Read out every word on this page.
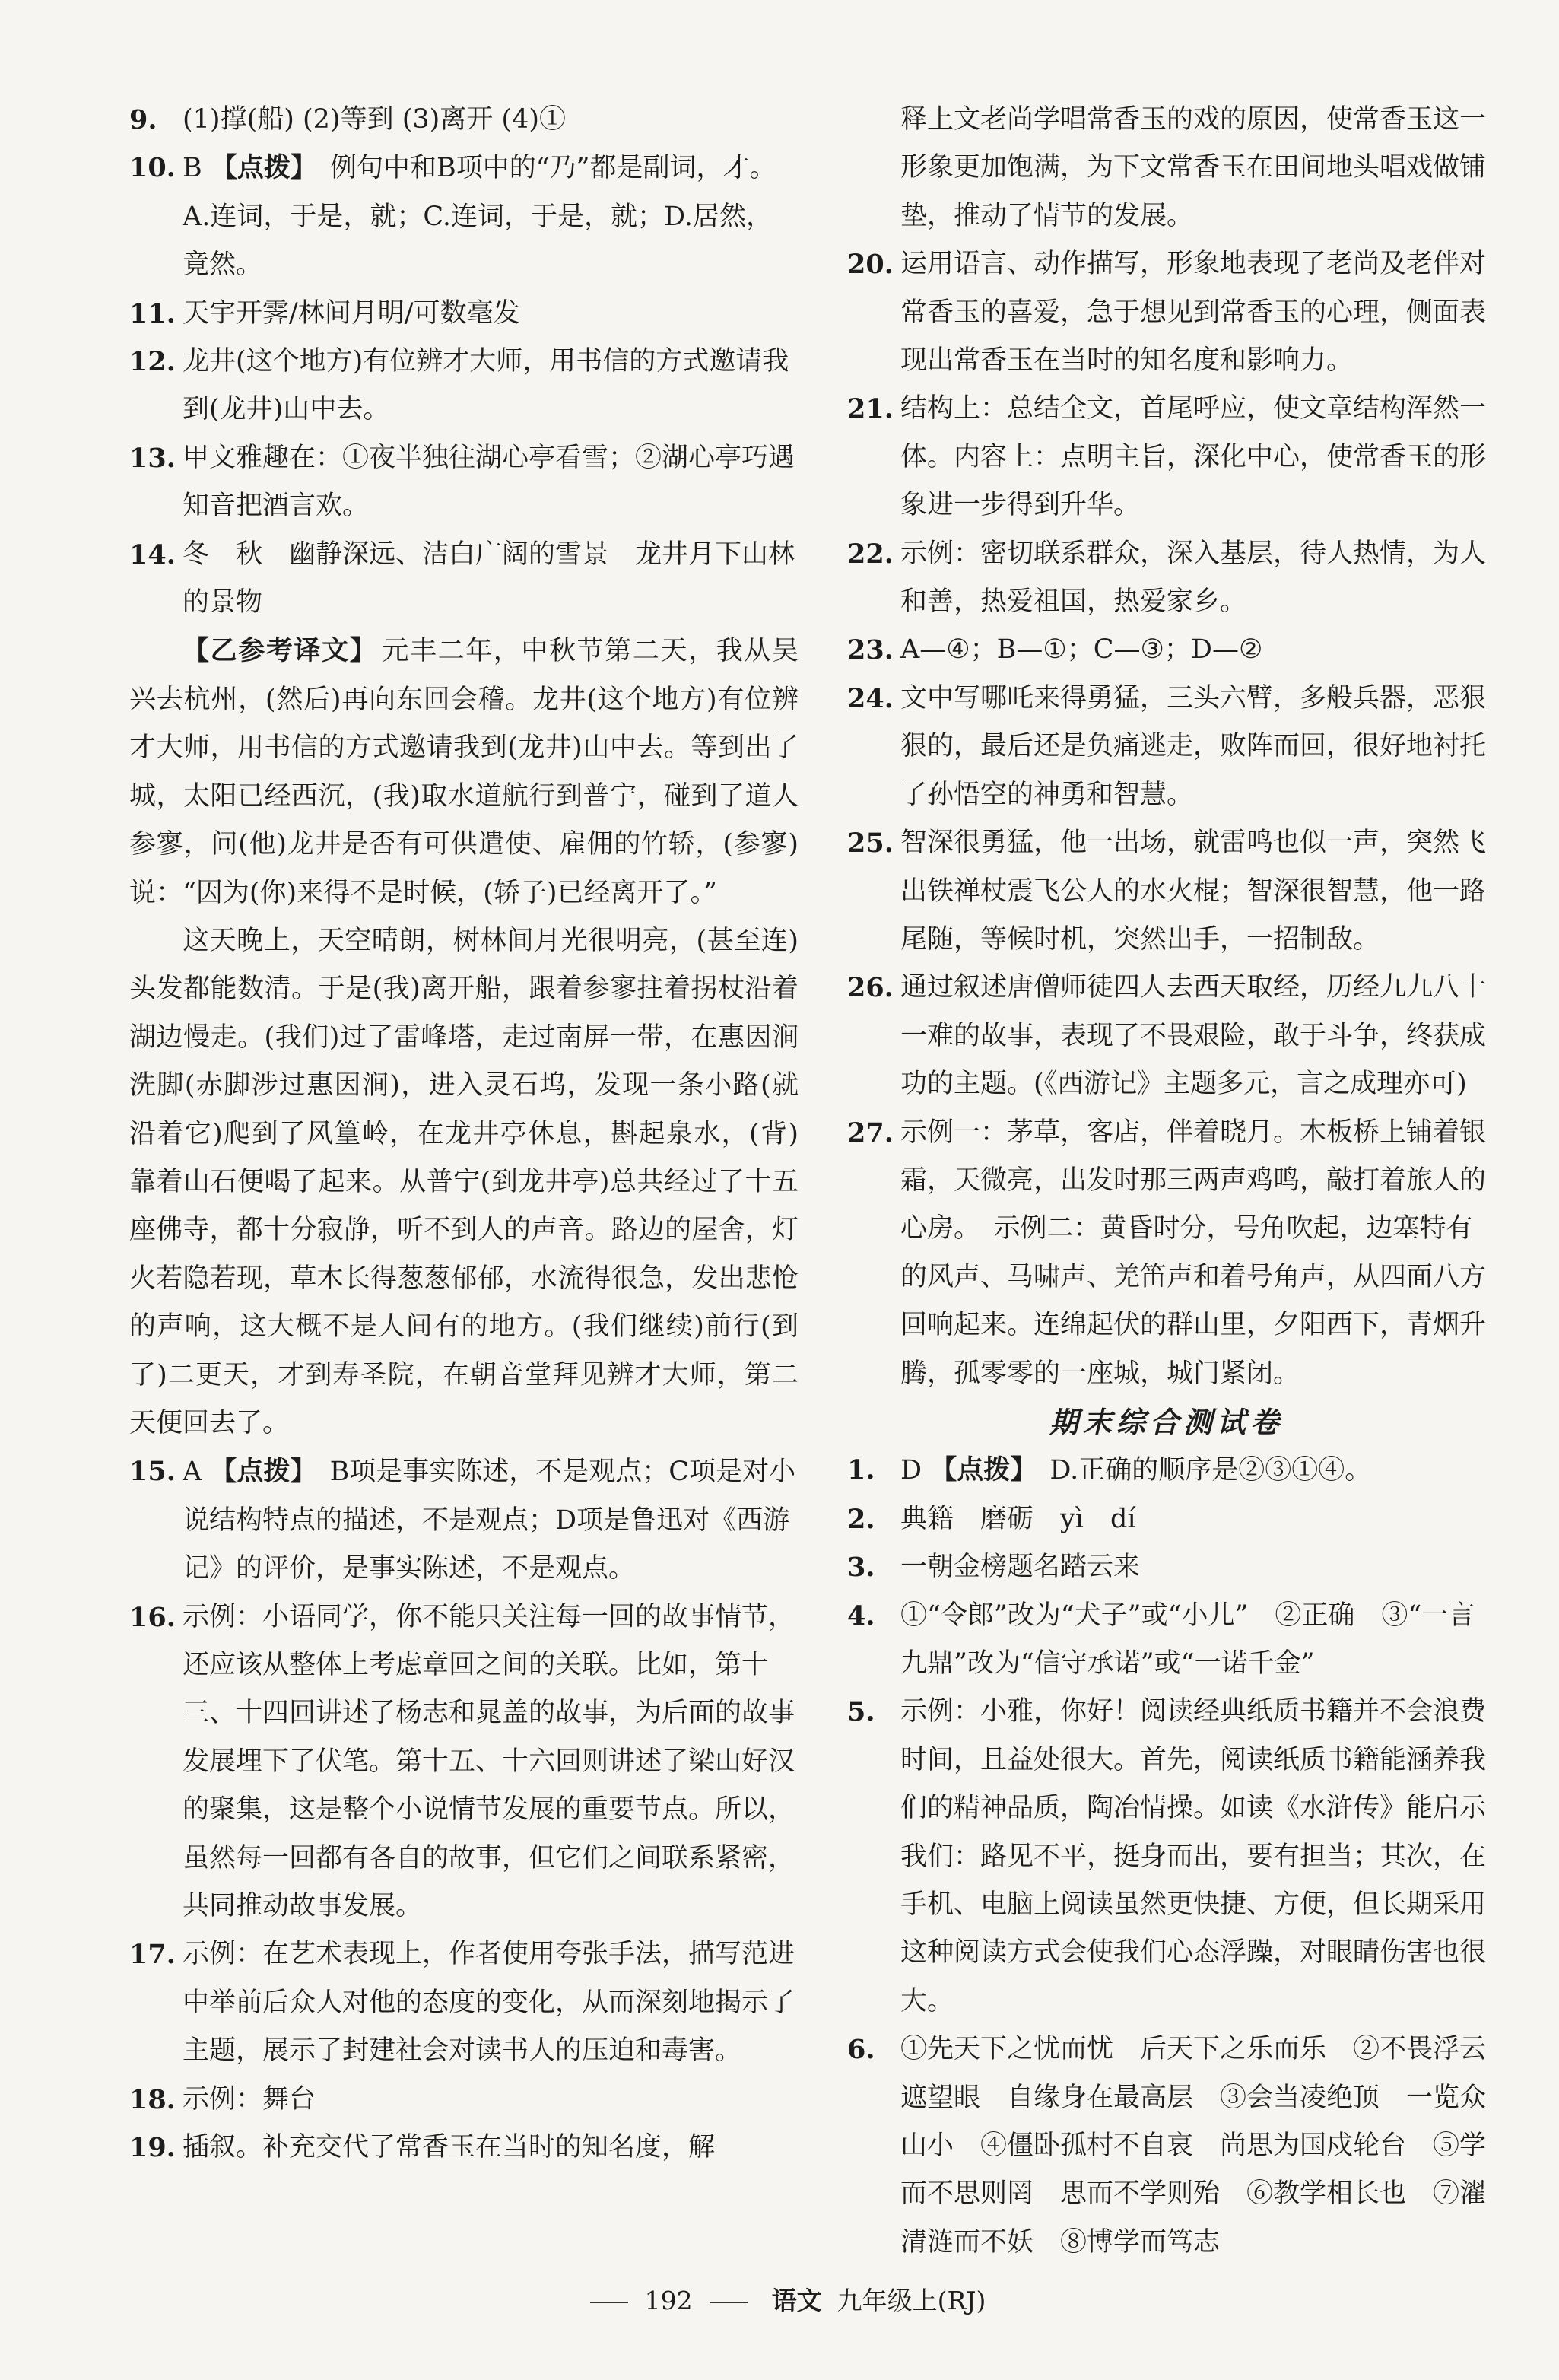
9. (1)撑(船) (2)等到 (3)离开 (4)①
10. B 【点拨】 例句中和B项中的“乃”都是副词，才。A.连词，于是，就；C.连词，于是，就；D.居然，竟然。
11. 天宇开霁/林间月明/可数毫发
12. 龙井(这个地方)有位辨才大师，用书信的方式邀请我到(龙井)山中去。
13. 甲文雅趣在：①夜半独往湖心亭看雪；②湖心亭巧遇知音把酒言欢。
14. 冬　秋　幽静深远、洁白广阔的雪景　龙井月下山林的景物
【乙参考译文】 元丰二年，中秋节第二天，我从吴兴去杭州，(然后)再向东回会稽。龙井(这个地方)有位辨才大师，用书信的方式邀请我到(龙井)山中去。等到出了城，太阳已经西沉，(我)取水道航行到普宁，碰到了道人参寥，问(他)龙井是否有可供遣使、雇佣的竹轿，(参寥)说：“因为(你)来得不是时候，(轿子)已经离开了。”
这天晚上，天空晴朗，树林间月光很明亮，(甚至连)头发都能数清。于是(我)离开船，跟着参寥拄着拐杖沿着湖边慢走。(我们)过了雷峰塔，走过南屏一带，在惠因涧洗脚(赤脚涉过惠因涧)，进入灵石坞，发现一条小路(就沿着它)爬到了风篁岭，在龙井亭休息，斟起泉水，(背)靠着山石便喝了起来。从普宁(到龙井亭)总共经过了十五座佛寺，都十分寂静，听不到人的声音。路边的屋舍，灯火若隐若现，草木长得葱葱郁郁，水流得很急，发出悲怆的声响，这大概不是人间有的地方。(我们继续)前行(到了)二更天，才到寿圣院，在朝音堂拜见辨才大师，第二天便回去了。
15. A 【点拨】 B项是事实陈述，不是观点；C项是对小说结构特点的描述，不是观点；D项是鲁迅对《西游记》的评价，是事实陈述，不是观点。
16. 示例：小语同学，你不能只关注每一回的故事情节，还应该从整体上考虑章回之间的关联。比如，第十三、十四回讲述了杨志和晁盖的故事，为后面的故事发展埋下了伏笔。第十五、十六回则讲述了梁山好汉的聚集，这是整个小说情节发展的重要节点。所以，虽然每一回都有各自的故事，但它们之间联系紧密，共同推动故事发展。
17. 示例：在艺术表现上，作者使用夸张手法，描写范进中举前后众人对他的态度的变化，从而深刻地揭示了主题，展示了封建社会对读书人的压迫和毒害。
18. 示例：舞台
19. 插叙。补充交代了常香玉在当时的知名度，解
释上文老尚学唱常香玉的戏的原因，使常香玉这一形象更加饱满，为下文常香玉在田间地头唱戏做铺垫，推动了情节的发展。
20. 运用语言、动作描写，形象地表现了老尚及老伴对常香玉的喜爱，急于想见到常香玉的心理，侧面表现出常香玉在当时的知名度和影响力。
21. 结构上：总结全文，首尾呼应，使文章结构浑然一体。内容上：点明主旨，深化中心，使常香玉的形象进一步得到升华。
22. 示例：密切联系群众，深入基层，待人热情，为人和善，热爱祖国，热爱家乡。
23. A—④；B—①；C—③；D—②
24. 文中写哪吒来得勇猛，三头六臂，多般兵器，恶狠狠的，最后还是负痛逃走，败阵而回，很好地衬托了孙悟空的神勇和智慧。
25. 智深很勇猛，他一出场，就雷鸣也似一声，突然飞出铁禅杖震飞公人的水火棍；智深很智慧，他一路尾随，等候时机，突然出手，一招制敌。
26. 通过叙述唐僧师徒四人去西天取经，历经九九八十一难的故事，表现了不畏艰险，敢于斗争，终获成功的主题。(《西游记》主题多元，言之成理亦可)
27. 示例一：茅草，客店，伴着晓月。木板桥上铺着银霜，天微亮，出发时那三两声鸡鸣，敲打着旅人的心房。　示例二：黄昏时分，号角吹起，边塞特有的风声、马啸声、羌笛声和着号角声，从四面八方回响起来。连绵起伏的群山里，夕阳西下，青烟升腾，孤零零的一座城，城门紧闭。
期末综合测试卷
1. D 【点拨】 D.正确的顺序是②③①④。
2. 典籍　磨砺　yì　dí
3. 一朝金榜题名踏云来
4. ①“令郎”改为“犬子”或“小儿”　②正确　③“一言九鼎”改为“信守承诺”或“一诺千金”
5. 示例：小雅，你好！阅读经典纸质书籍并不会浪费时间，且益处很大。首先，阅读纸质书籍能涵养我们的精神品质，陶冶情操。如读《水浒传》能启示我们：路见不平，挺身而出，要有担当；其次，在手机、电脑上阅读虽然更快捷、方便，但长期采用这种阅读方式会使我们心态浮躁，对眼睛伤害也很大。
6. ①先天下之忧而忧　后天下之乐而乐　②不畏浮云遮望眼　自缘身在最高层　③会当凌绝顶　一览众山小　④僵卧孤村不自哀　尚思为国戍轮台　⑤学而不思则罔　思而不学则殆　⑥教学相长也　⑦濯清涟而不妖　⑧博学而笃志
192	语文 九年级上(RJ)
